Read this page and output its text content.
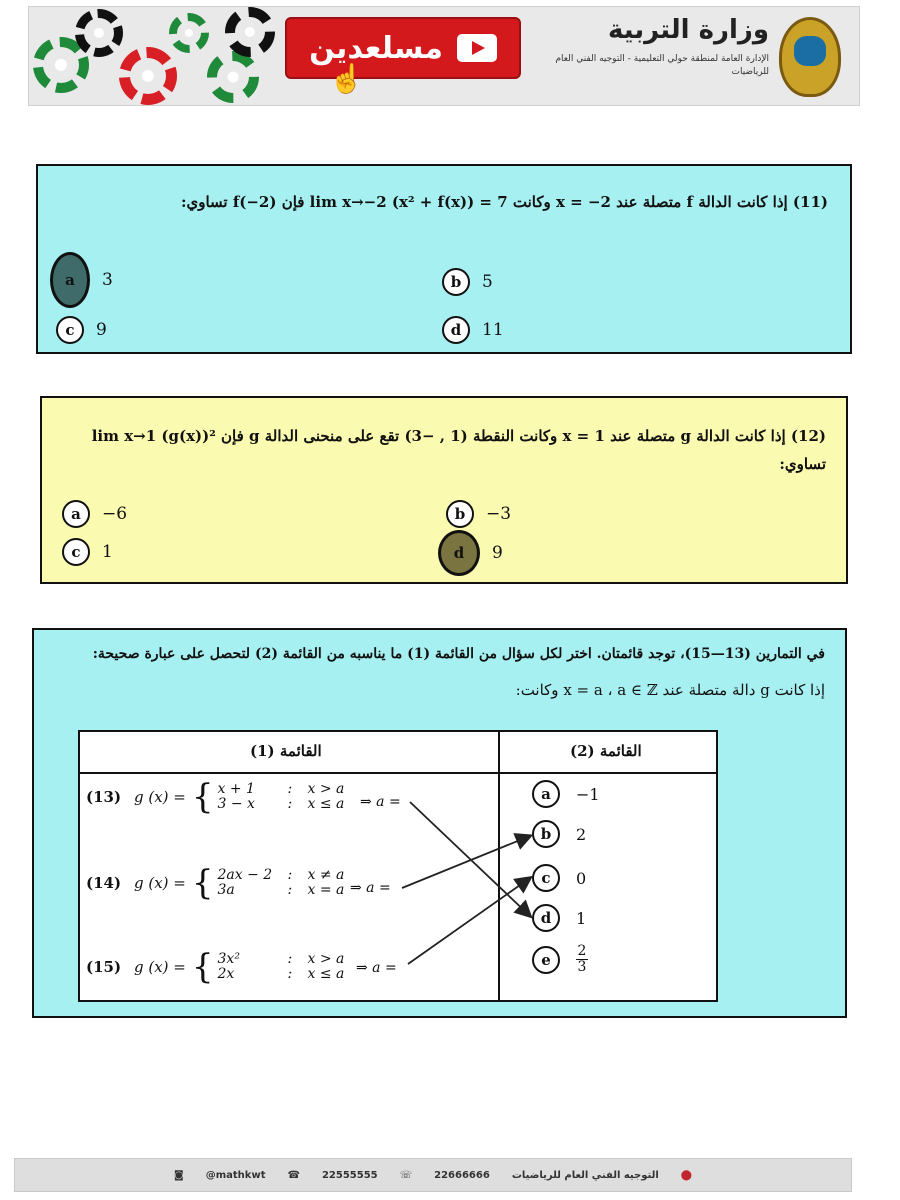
مسلعدين
☝
وزارة التربية
الإدارة العامة لمنطقة حولي التعليمية - التوجيه الفني العام للرياضيات
(11) إذا كانت الدالة f متصلة عند x = −2 وكانت lim x→−2 (x² + f(x)) = 7 فإن f(−2) تساوي:
a	3	b	5
c	9	d	11
(12) إذا كانت الدالة g متصلة عند x = 1 وكانت النقطة (1 , −3) تقع على منحنى الدالة g فإن lim x→1 (g(x))²
تساوي:
a	−6	b	−3
c	1	d	9
في التمارين (13—15)، توجد قائمتان. اختر لكل سؤال من القائمة (1) ما يناسبه من القائمة (2) لتحصل على عبارة صحيحة:
إذا كانت g دالة متصلة عند x = a ، a ∈ ℤ وكانت:
القائمة (1)	القائمة (2)
(13) g (x) = { x + 1	:	x > a
3 − x	:	x ≤ a ⇒ a =
(14) g (x) = { 2ax − 2	:	x ≠ a
3a	:	x = a ⇒ a =
(15) g (x) = { 3x²	:	x > a
2x	:	x ≤ a ⇒ a =
a	−1
b	2
c	0
d	1
e	$\frac{2}{3}$
◙ @mathkwt ☎ 22555555 ☏ 22666666 التوجيه الفني العام للرياضيات ⬤
